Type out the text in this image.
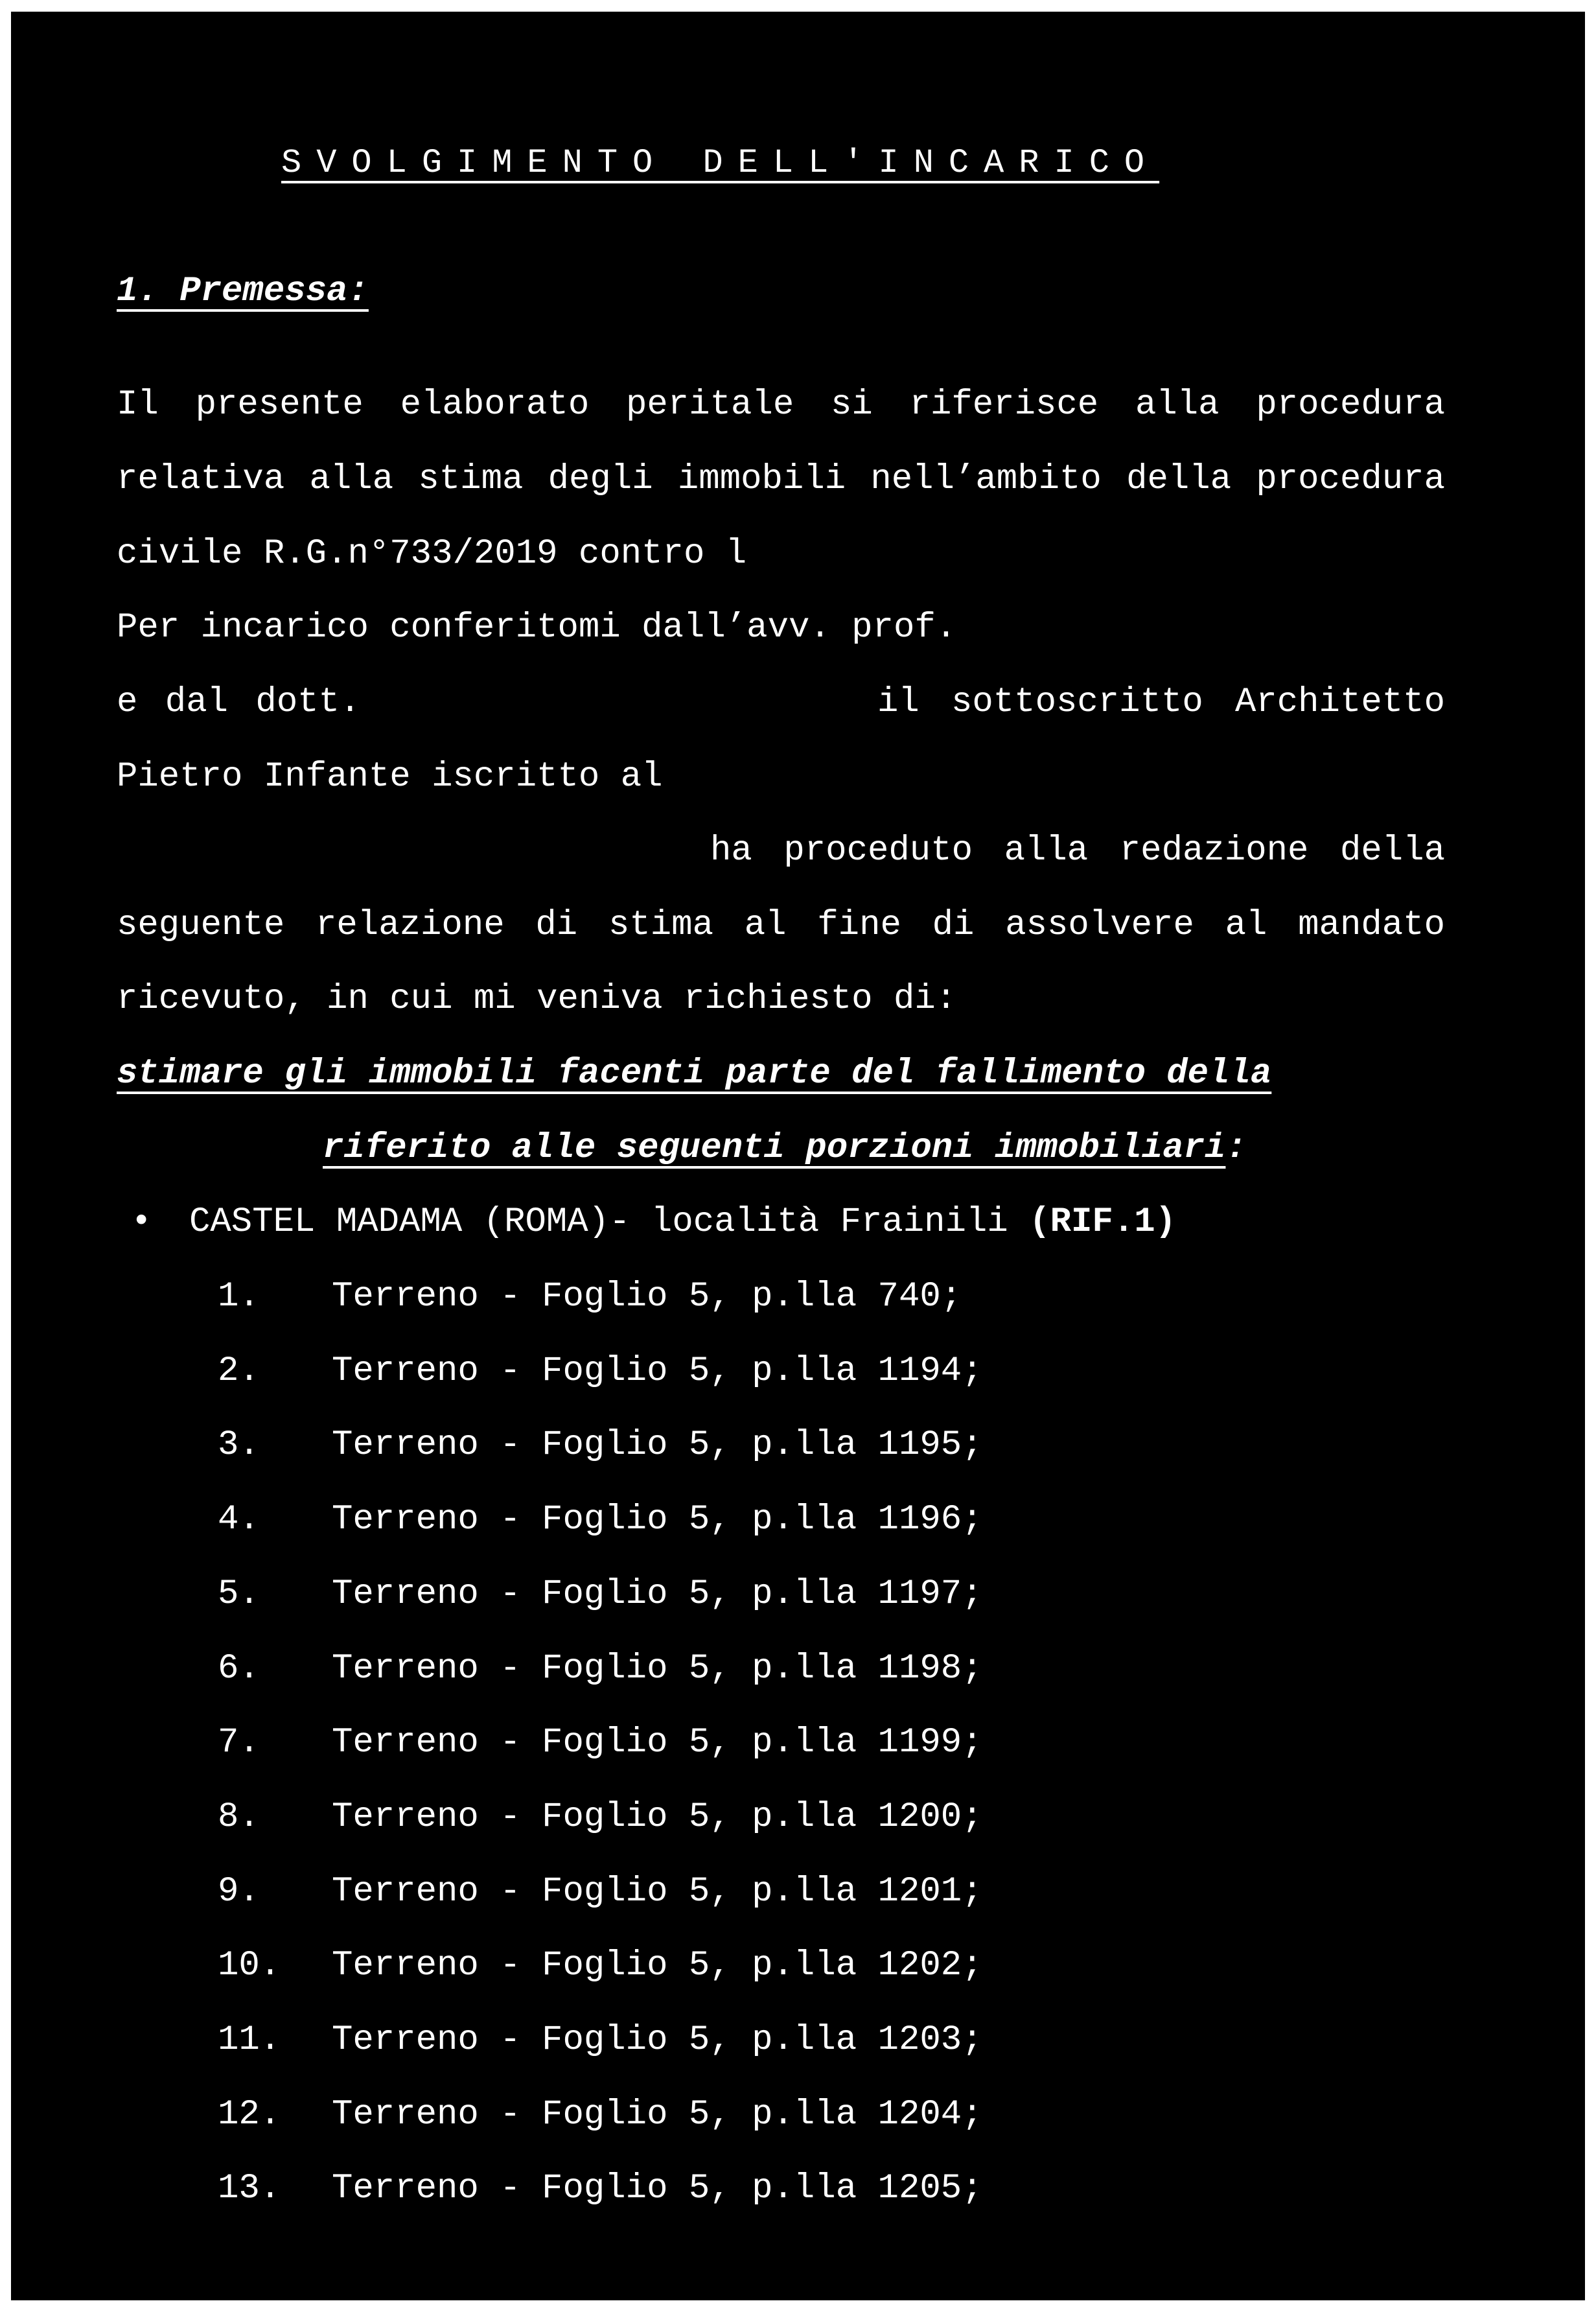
SVOLGIMENTO DELL'INCARICO
1. Premessa:
Il presente elaborato peritale si riferisce alla procedura
relativa alla stima degli immobili nell’ambito della procedura
civile R.G.n°733/2019 contro l
Per incarico conferitomi dall’avv. prof.
e dal dott.	il sottoscritto Architetto
Pietro Infante iscritto al
ha proceduto alla redazione della
seguente relazione di stima al fine di assolvere al mandato
ricevuto, in cui mi veniva richiesto di:
stimare gli immobili facenti parte del fallimento della
riferito alle seguenti porzioni immobiliari:
• CASTEL MADAMA (ROMA)- località Frainili (RIF.1)
1. Terreno - Foglio 5, p.lla 740;
2. Terreno - Foglio 5, p.lla 1194;
3. Terreno - Foglio 5, p.lla 1195;
4. Terreno - Foglio 5, p.lla 1196;
5. Terreno - Foglio 5, p.lla 1197;
6. Terreno - Foglio 5, p.lla 1198;
7. Terreno - Foglio 5, p.lla 1199;
8. Terreno - Foglio 5, p.lla 1200;
9. Terreno - Foglio 5, p.lla 1201;
10. Terreno - Foglio 5, p.lla 1202;
11. Terreno - Foglio 5, p.lla 1203;
12. Terreno - Foglio 5, p.lla 1204;
13. Terreno - Foglio 5, p.lla 1205;
